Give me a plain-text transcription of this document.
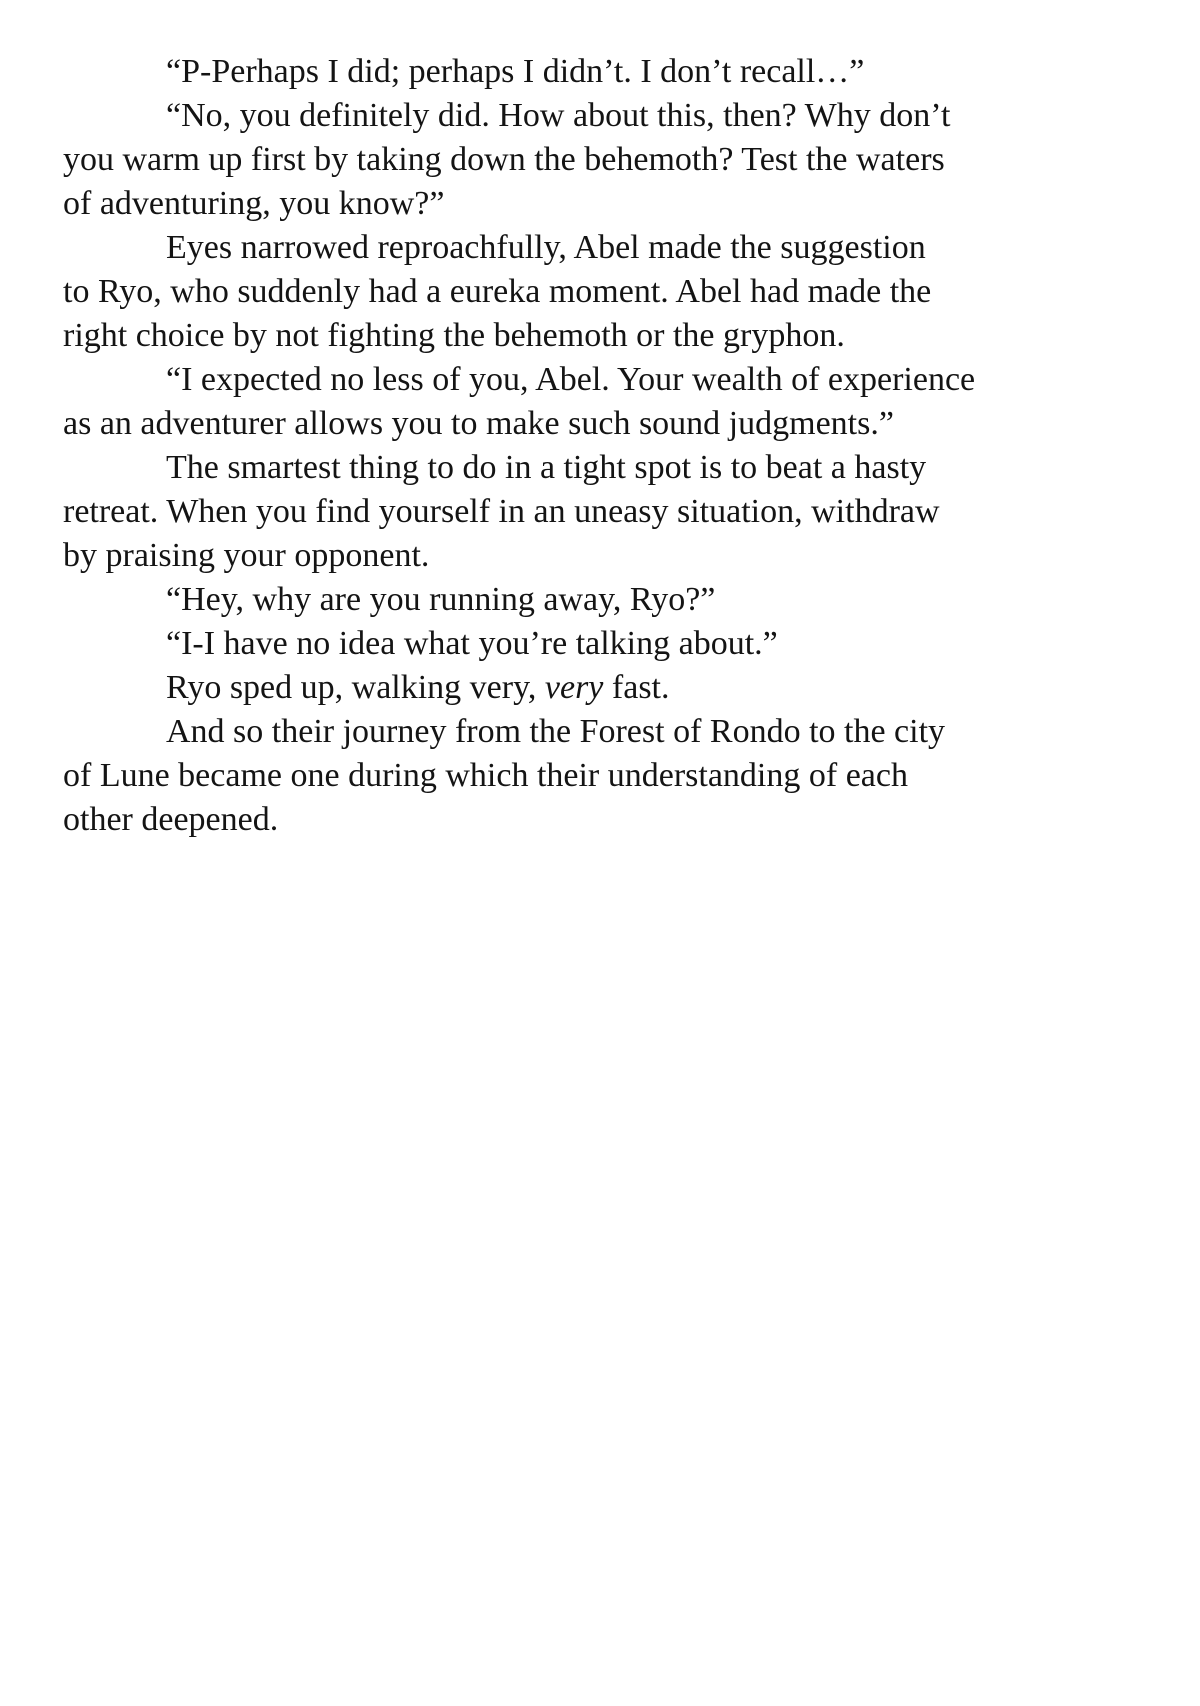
“P-Perhaps I did; perhaps I didn’t. I don’t recall…”
“No, you definitely did. How about this, then? Why don’t
you warm up first by taking down the behemoth? Test the waters
of adventuring, you know?”
Eyes narrowed reproachfully, Abel made the suggestion
to Ryo, who suddenly had a eureka moment. Abel had made the
right choice by not fighting the behemoth or the gryphon.
“I expected no less of you, Abel. Your wealth of experience
as an adventurer allows you to make such sound judgments.”
The smartest thing to do in a tight spot is to beat a hasty
retreat. When you find yourself in an uneasy situation, withdraw
by praising your opponent.
“Hey, why are you running away, Ryo?”
“I-I have no idea what you’re talking about.”
Ryo sped up, walking very, very fast.
And so their journey from the Forest of Rondo to the city
of Lune became one during which their understanding of each
other deepened.
